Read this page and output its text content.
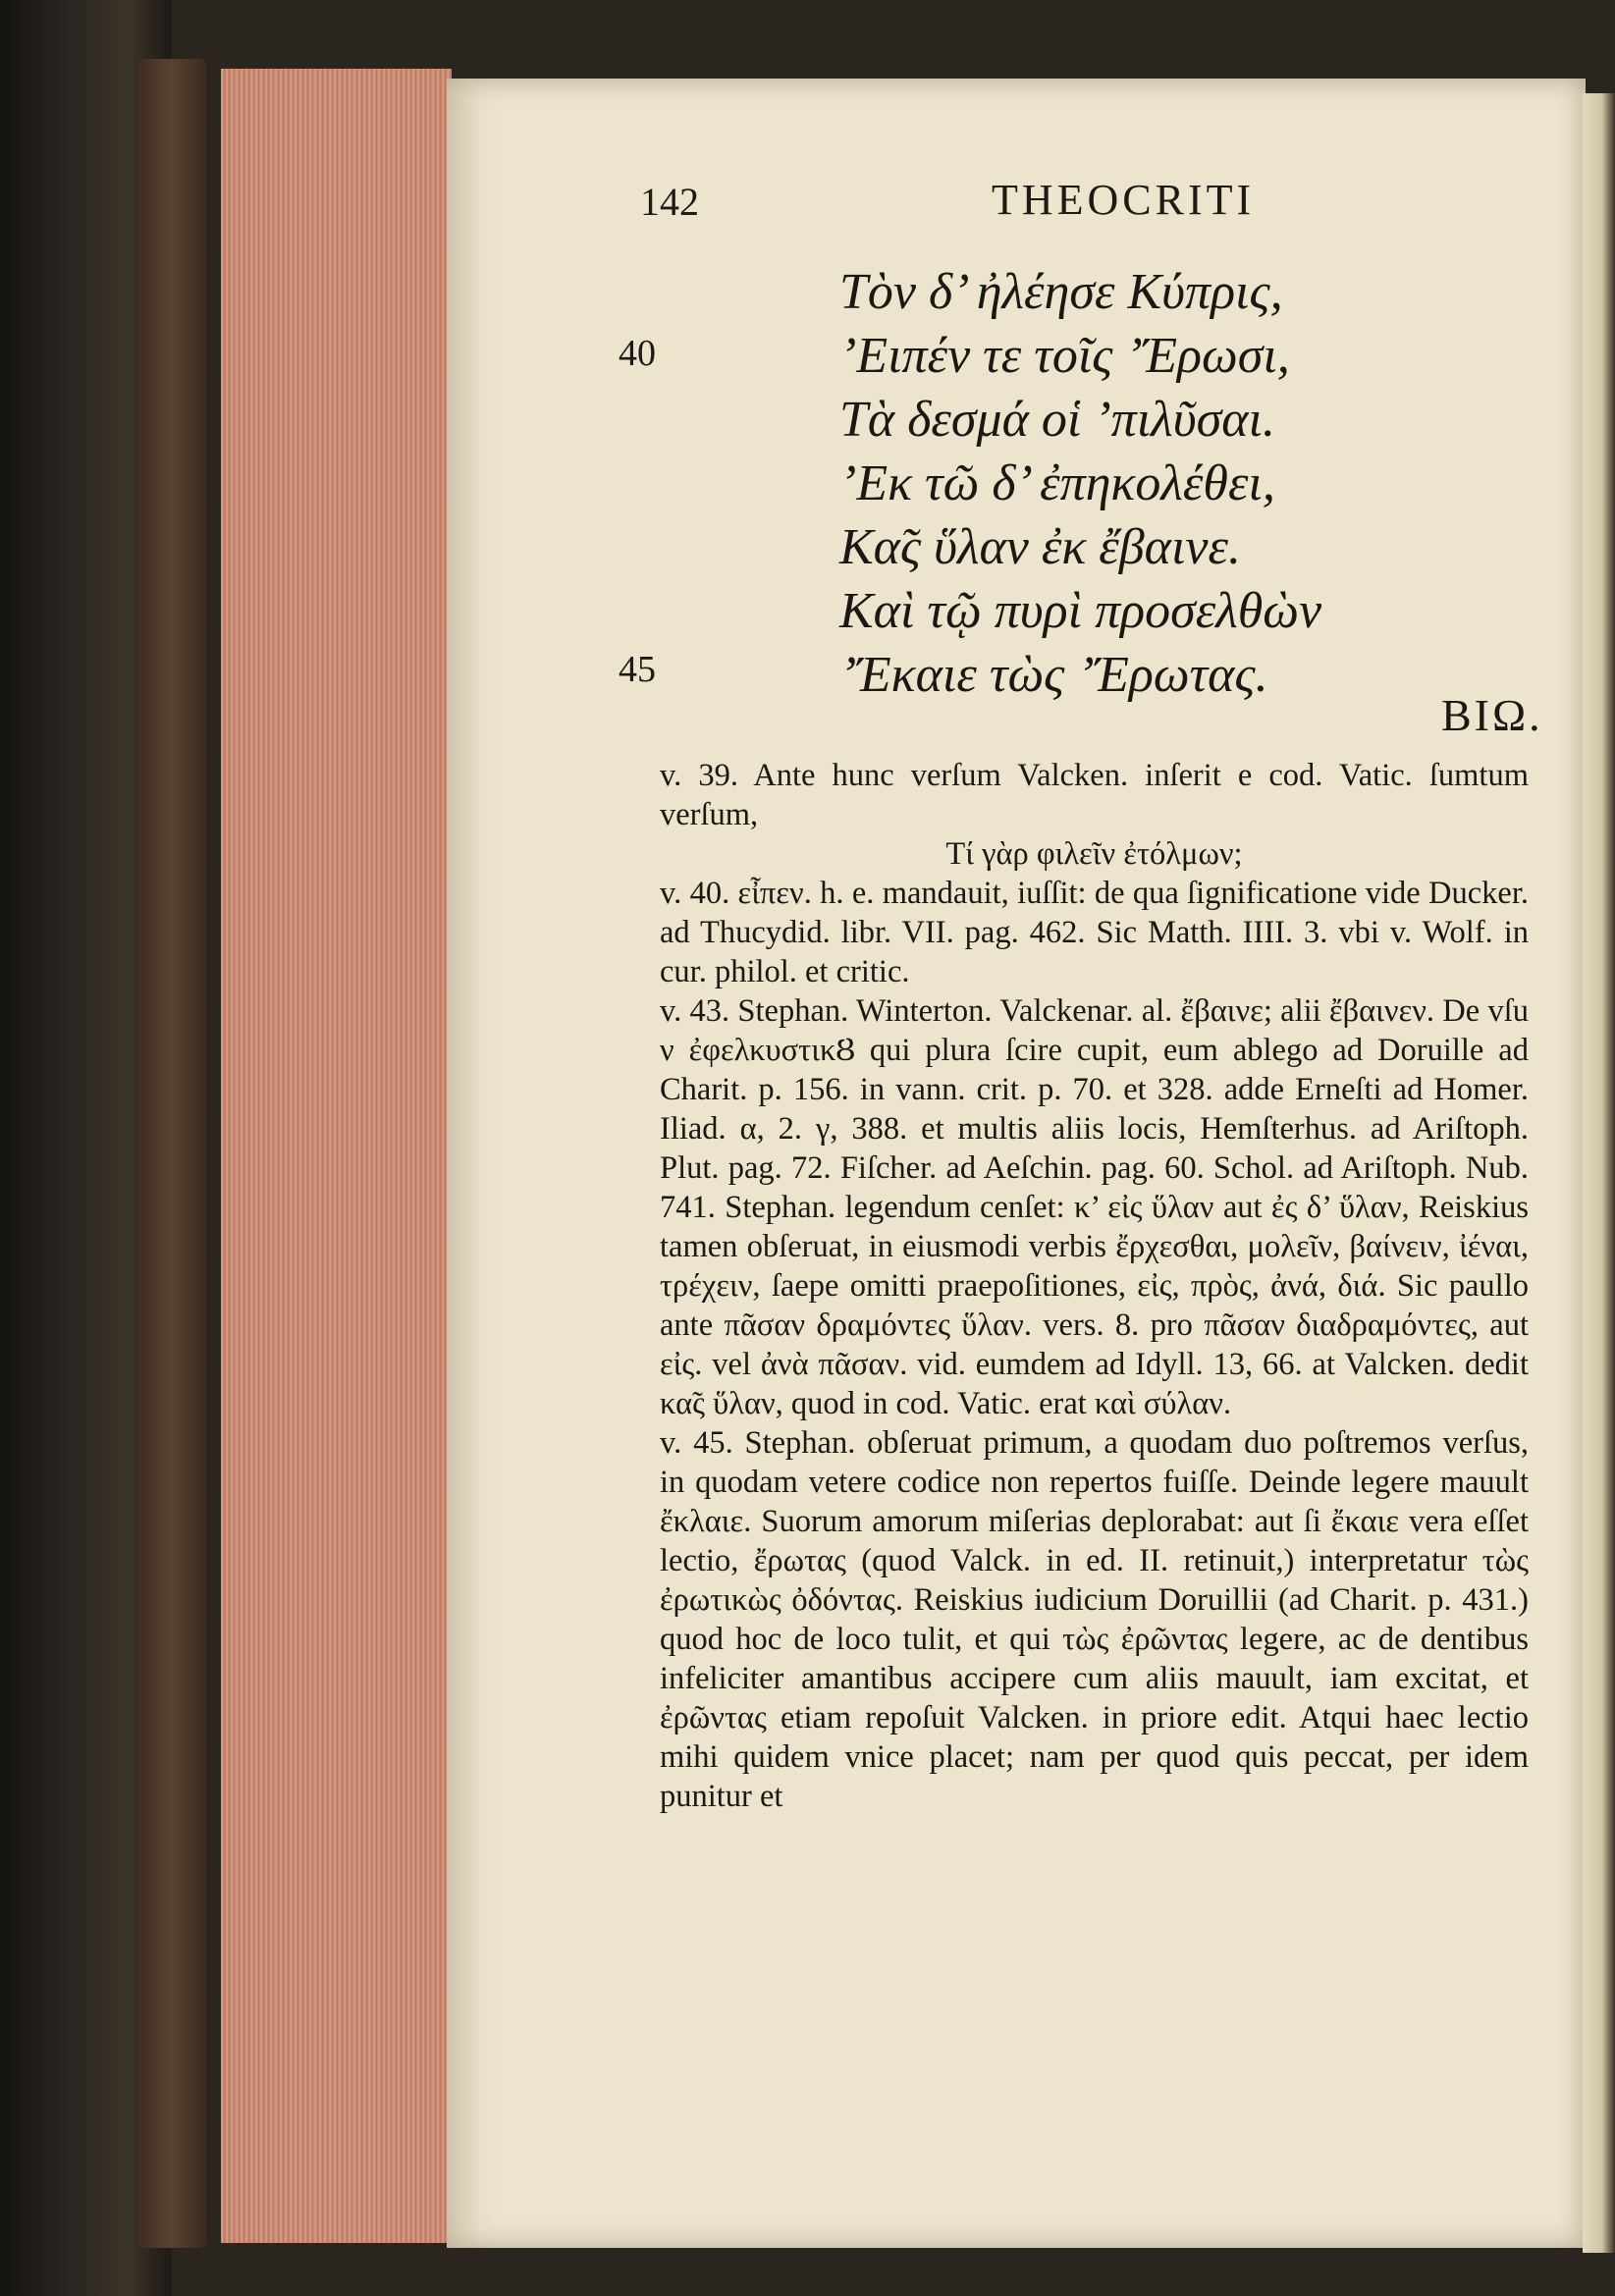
142	THEOCRITI
40
45
Tὸν δ’ ἠλέησε Κύπρις,
’Ειπέν τε τοῖς ’Έρωσι,
Tὰ δεσμά οἱ ’πιλῦσαι.
’Eκ τῶ δ’ ἐπηκολέθει,
Kα̃ς ὕλαν ἐκ ἔβαινε.
Kαὶ τῷ πυρὶ προσελθὼν
’Έκαιε τὼς ’Έρωτας.
BIΩ.

v. 39. Ante hunc verſum Valcken. inſerit e cod. Vatic. ſumtum verſum,

Tί γὰρ φιλεῖν ἐτόλμων;

v. 40. εἶπεν. h. e. mandauit, iuſſit: de qua ſignificatione vide Ducker. ad Thucydid. libr. VII. pag. 462. Sic Matth. IIII. 3. vbi v. Wolf. in cur. philol. et critic.

v. 43. Stephan. Winterton. Valckenar. al. ἔβαινε; alii ἔβαινεν. De vſu ν ἐφελκυστικȢ qui plura ſcire cupit, eum ablego ad Doruille ad Charit. p. 156. in vann. crit. p. 70. et 328. adde Erneſti ad Homer. Iliad. α, 2. γ, 388. et multis aliis locis, Hemſterhus. ad Ariſtoph. Plut. pag. 72. Fiſcher. ad Aeſchin. pag. 60. Schol. ad Ariſtoph. Nub. 741. Stephan. legendum cenſet: κ’ εἰς ὕλαν aut ἐς δ’ ὕλαν, Reiskius tamen obſeruat, in eiusmodi verbis ἔρχεσθαι, μολεῖν, βαίνειν, ἰέναι, τρέχειν, ſaepe omitti praepoſitiones, εἰς, πρὸς, ἀνά, διά. Sic paullo ante πᾶσαν δραμόντες ὕλαν. vers. 8. pro πᾶσαν διαδραμόντες, aut εἰς. vel ἀνὰ πᾶσαν. vid. eumdem ad Idyll. 13, 66. at Valcken. dedit κα̃ς ὕλαν, quod in cod. Vatic. erat καὶ σύλαν.

v. 45. Stephan. obſeruat primum, a quodam duo poſtremos verſus, in quodam vetere codice non repertos fuiſſe. Deinde legere mauult ἔκλαιε. Suorum amorum miſerias deplorabat: aut ſi ἔκαιε vera eſſet lectio, ἔρωτας (quod Valck. in ed. II. retinuit,) interpretatur τὼς ἐρωτικὼς ὀδόντας. Reiskius iudicium Doruillii (ad Charit. p. 431.) quod hoc de loco tulit, et qui τὼς ἐρῶντας legere, ac de dentibus infeliciter amantibus accipere cum aliis mauult, iam excitat, et ἐρῶντας etiam repoſuit Valcken. in priore edit. Atqui haec lectio mihi quidem vnice placet; nam per quod quis peccat, per idem punitur et
